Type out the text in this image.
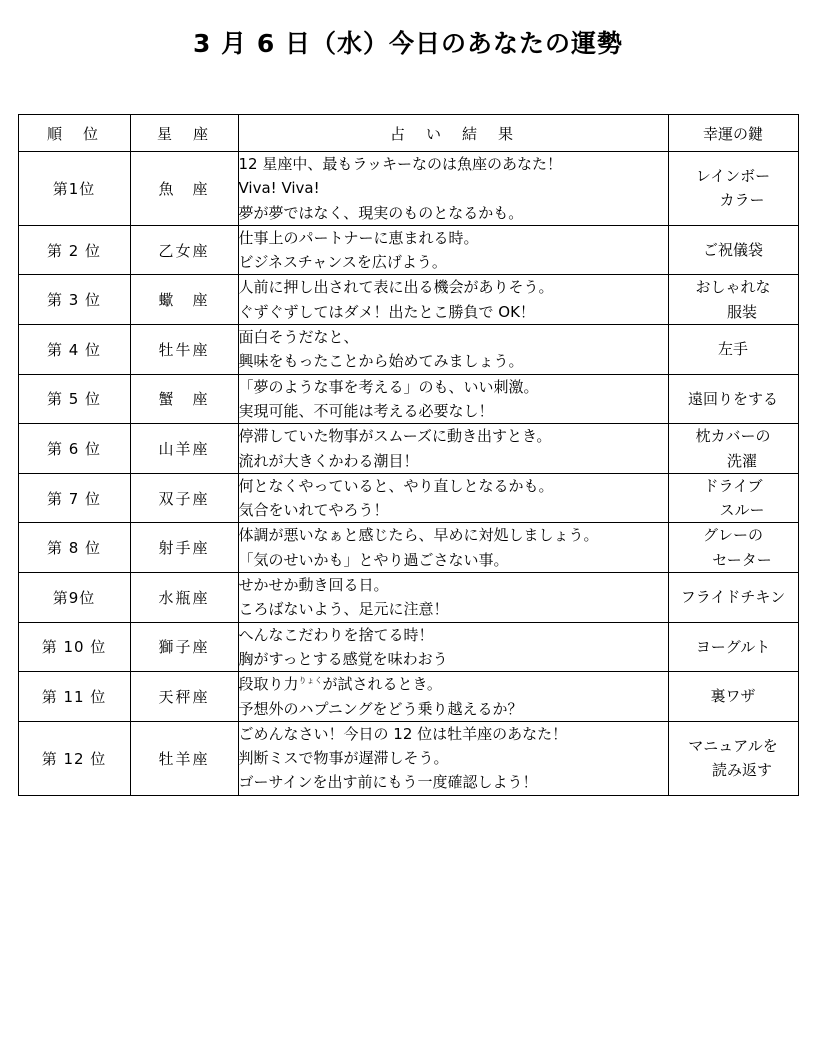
3 月 6 日（水）今日のあなたの運勢
順　位	星　座	占　い　結　果	幸運の鍵
第1位	魚　座	12 星座中、最もラッキーなのは魚座のあなた！
Viva! Viva!
夢が夢ではなく、現実のものとなるかも。	レインボー
カラー

第 2 位	乙女座	仕事上のパートナーに恵まれる時。
ビジネスチャンスを広げよう。	ご祝儀袋

第 3 位	蠍　座	人前に押し出されて表に出る機会がありそう。
ぐずぐずしてはダメ！出たとこ勝負で OK！	おしゃれな
服装

第 4 位	牡牛座	面白そうだなと、
興味をもったことから始めてみましょう。	左手

第 5 位	蟹　座	「夢のような事を考える」のも、いい刺激。
実現可能、不可能は考える必要なし！	遠回りをする

第 6 位	山羊座	停滞していた物事がスムーズに動き出すとき。
流れが大きくかわる潮目！	枕カバーの
洗濯

第 7 位	双子座	何となくやっていると、やり直しとなるかも。
気合をいれてやろう！	ドライブ
スルー

第 8 位	射手座	体調が悪いなぁと感じたら、早めに対処しましょう。
「気のせいかも」とやり過ごさない事。	グレーの
セーター

第9位	水瓶座	せかせか動き回る日。
ころばないよう、足元に注意！	フライドチキン

第 10 位	獅子座	へんなこだわりを捨てる時！
胸がすっとする感覚を味わおう	ヨーグルト

第 11 位	天秤座	段取り力$^{りょく}$が試されるとき。
予想外のハプニングをどう乗り越えるか？	裏ワザ

第 12 位	牡羊座	ごめんなさい！今日の 12 位は牡羊座のあなた！
判断ミスで物事が遅滞しそう。
ゴーサインを出す前にもう一度確認しよう！	マニュアルを
読み返す
